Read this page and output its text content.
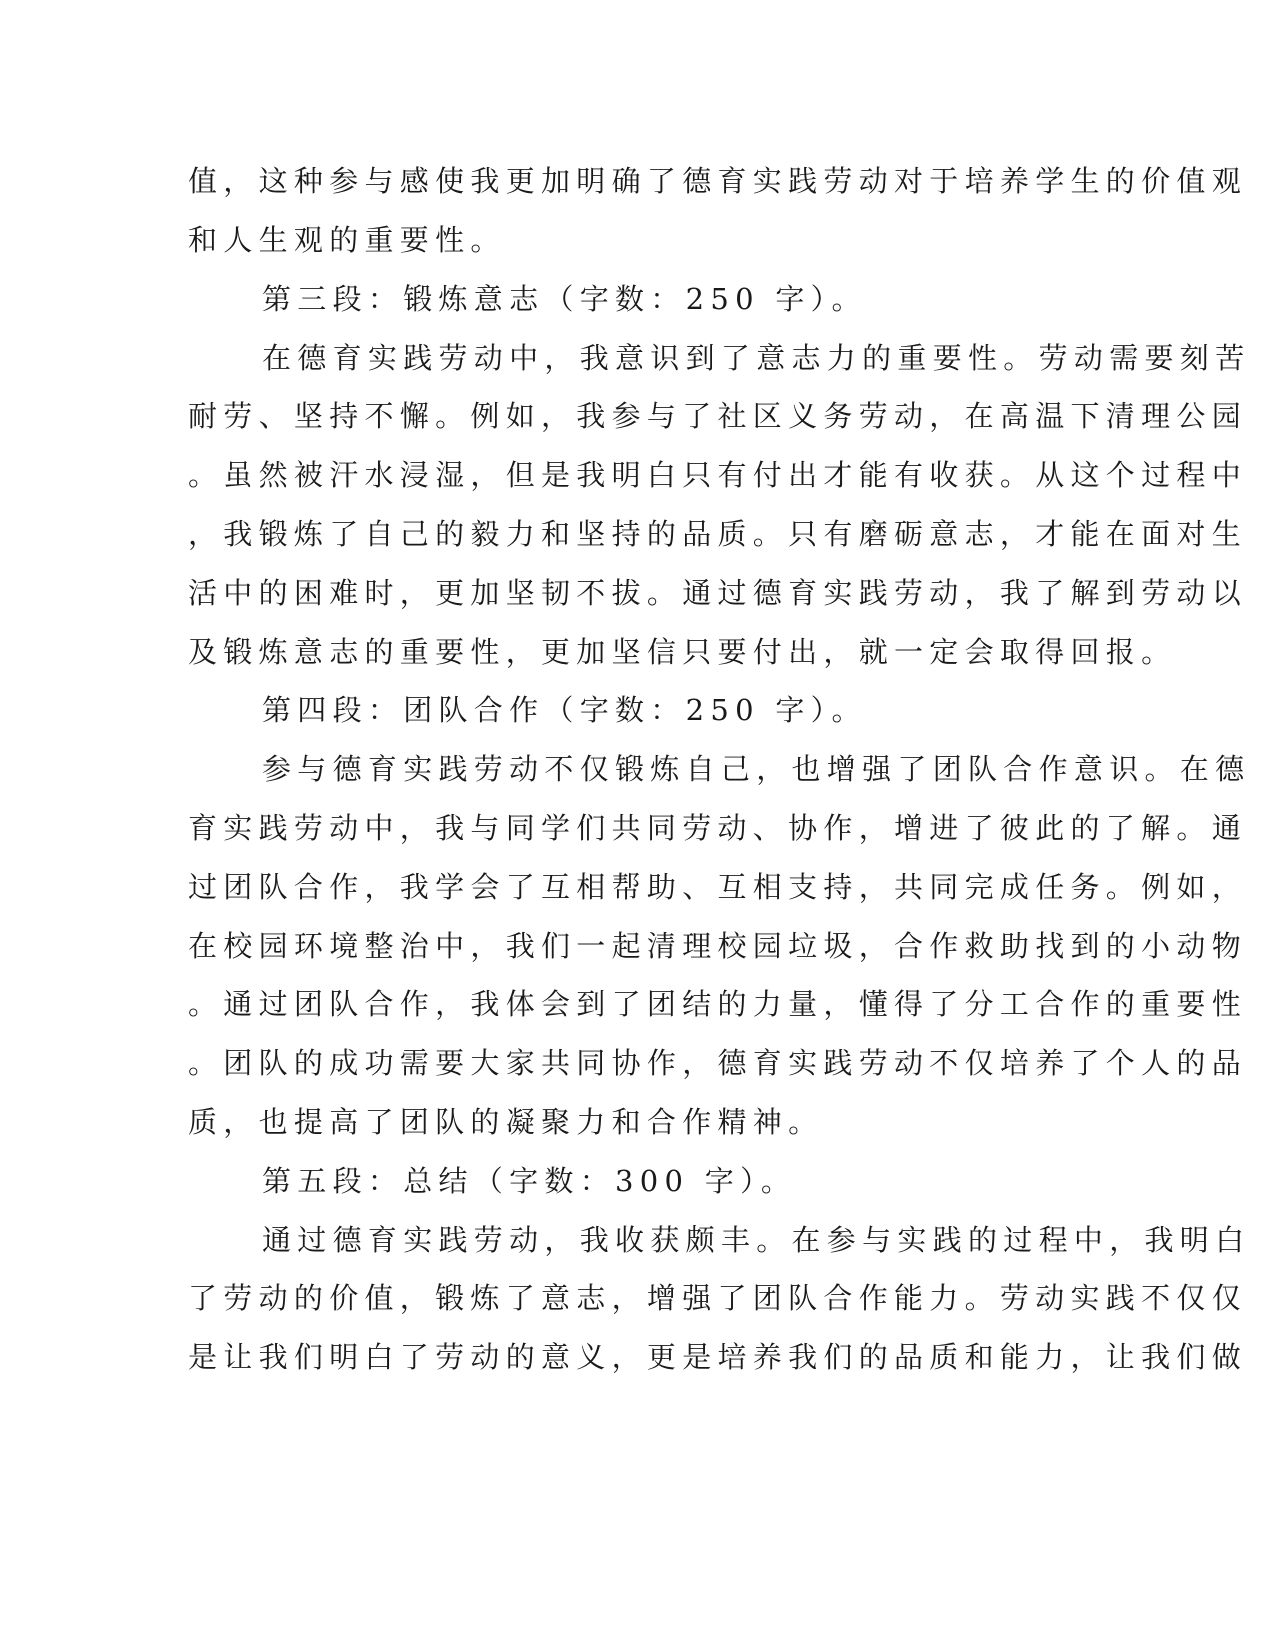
值，这种参与感使我更加明确了德育实践劳动对于培养学生的价值观
和人生观的重要性。
第三段：锻炼意志（字数：250 字）。
在德育实践劳动中，我意识到了意志力的重要性。劳动需要刻苦
耐劳、坚持不懈。例如，我参与了社区义务劳动，在高温下清理公园
。虽然被汗水浸湿，但是我明白只有付出才能有收获。从这个过程中
，我锻炼了自己的毅力和坚持的品质。只有磨砺意志，才能在面对生
活中的困难时，更加坚韧不拔。通过德育实践劳动，我了解到劳动以
及锻炼意志的重要性，更加坚信只要付出，就一定会取得回报。
第四段：团队合作（字数：250 字）。
参与德育实践劳动不仅锻炼自己，也增强了团队合作意识。在德
育实践劳动中，我与同学们共同劳动、协作，增进了彼此的了解。通
过团队合作，我学会了互相帮助、互相支持，共同完成任务。例如，
在校园环境整治中，我们一起清理校园垃圾，合作救助找到的小动物
。通过团队合作，我体会到了团结的力量，懂得了分工合作的重要性
。团队的成功需要大家共同协作，德育实践劳动不仅培养了个人的品
质，也提高了团队的凝聚力和合作精神。
第五段：总结（字数：300 字）。
通过德育实践劳动，我收获颇丰。在参与实践的过程中，我明白
了劳动的价值，锻炼了意志，增强了团队合作能力。劳动实践不仅仅
是让我们明白了劳动的意义，更是培养我们的品质和能力，让我们做
